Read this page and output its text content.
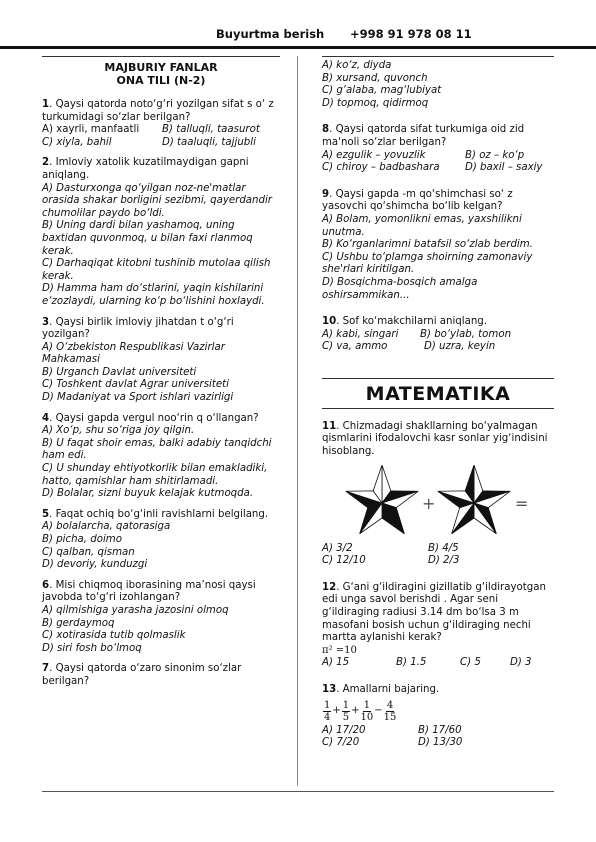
Buyurtma berish +998 91 978 08 11
MAJBURIY FANLAR
ONA TILI (N-2)
1. Qaysi qatorda noto‘g‘ri yozilgan sifat s o‘ z turkumidagi so‘zlar berilgan?
A) xayrli, manfaatli	B) talluqli, taasurot
C) xiyla, bahil	D) taaluqli, tajjubli
2. Imloviy xatolik kuzatilmaydigan gapni aniqlang.
A) Dasturxonga qo‘yilgan noz-ne'matlar orasida shakar borligini sezibmi, qayerdandir chumolilar paydo bo‘ldi.
B) Uning dardi bilan yashamoq, uning baxtidan quvonmoq, u bilan faxi rlanmoq kerak.
C) Darhaqiqat kitobni tushinib mutolaa qilish kerak.
D) Hamma ham do‘stlarini, yaqin kishilarini e‘zozlaydi, ularning ko‘p bo‘lishini hoxlaydi.
3. Qaysi birlik imloviy jihatdan t o‘g‘ri yozilgan?
A) O‘zbekiston Respublikasi Vazirlar Mahkamasi
B) Urganch Davlat universiteti
C) Toshkent davlat Agrar universiteti
D) Madaniyat va Sport ishlari vazirligi
4. Qaysi gapda vergul noo‘rin q o‘llangan?
A) Xo‘p, shu so‘riga joy qilgin.
B) U faqat shoir emas, balki adabiy tanqidchi ham edi.
C) U shunday ehtiyotkorlik bilan emakladiki, hatto, qamishlar ham shitirlamadi.
D) Bolalar, sizni buyuk kelajak kutmoqda.
5. Faqat ochiq bo‘g‘inli ravishlarni belgilang.
A) bolalarcha, qatorasiga
B) picha, doimo
C) qalban, qisman
D) devoriy, kunduzgi
6. Misi chiqmoq iborasining ma’nosi qaysi javobda to‘g‘ri izohlangan?
A) qilmishiga yarasha jazosini olmoq
B) gerdaymoq
C) xotirasida tutib qolmaslik
D) siri fosh bo‘lmoq
7. Qaysi qatorda o‘zaro sinonim so‘zlar berilgan?
A) ko‘z, diyda
B) xursand, quvonch
C) g‘alaba, mag‘lubiyat
D) topmoq, qidirmoq
8. Qaysi qatorda sifat turkumiga oid zid ma'noli so‘zlar berilgan?
A) ezgulik – yovuzlik	B) oz – ko‘p
C) chiroy – badbashara	D) baxil – saxiy
9. Qaysi gapda -m qo‘shimchasi so‘ z yasovchi qo‘shimcha bo‘lib kelgan?
A) Bolam, yomonlikni emas, yaxshilikni unutma.
B) Ko‘rganlarimni batafsil so‘zlab berdim.
C) Ushbu to‘plamga shoirning zamonaviy she'rlari kiritilgan.
D) Bosqichma-bosqich amalga oshirsammikan...
10. Sof ko‘makchilarni aniqlang.
A) kabi, singari	B) bo‘ylab, tomon
C) va, ammo	D) uzra, keyin
MATEMATIKA
11. Chizmadagi shakllarning bo‘yalmagan qismlarini ifodalovchi kasr sonlar yig‘indisini hisoblang.
+	=
A) 3/2	B) 4/5
C) 12/10	D) 2/3
12. G‘ani g‘ildiragini gizillatib g‘ildirayotgan edi unga savol berishdi . Agar seni g‘ildiraging radiusi 3.14 dm bo‘lsa 3 m masofani bosish uchun g‘ildiraging nechi martta aylanishi kerak?
π² =10
A) 15	B) 1.5	C) 5	D) 3
13. Amallarni bajaring.
$\frac{1}{4} + \frac{1}{5} + \frac{1}{10} - \frac{4}{15}$
A) 17/20	B) 17/60
C) 7/20	D) 13/30
